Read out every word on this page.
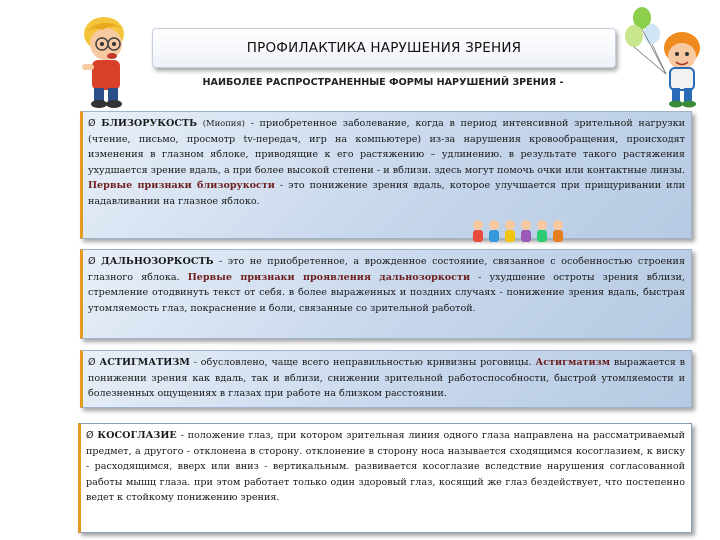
ПРОФИЛАКТИКА НАРУШЕНИЯ ЗРЕНИЯ
НАИБОЛЕЕ РАСПРОСТРАНЕННЫЕ ФОРМЫ НАРУШЕНИЙ ЗРЕНИЯ -
Ø БЛИЗОРУКОСТЬ (Миопия) - приобретенное заболевание, когда в период интенсивной зрительной нагрузки (чтение, письмо, просмотр tv-передач, игр на компьютере) из-за нарушения кровообращения, происходят изменения в глазном яблоке, приводящие к его растяжению – удлинению. в результате такого растяжения ухудшается зрение вдаль, а при более высокой степени - и вблизи. здесь могут помочь очки или контактные линзы. Первые признаки близорукости - это понижение зрения вдаль, которое улучшается при прищуривании или надавливании на глазное яблоко.
Ø ДАЛЬНОЗОРКОСТЬ - это не приобретенное, а врожденное состояние, связанное с особенностью строения глазного яблока. Первые признаки проявления дальнозоркости - ухудшение остроты зрения вблизи, стремление отодвинуть текст от себя. в более выраженных и поздних случаях - понижение зрения вдаль, быстрая утомляемость глаз, покраснение и боли, связанные со зрительной работой.
Ø АСТИГМАТИЗМ - обусловлено, чаще всего неправильностью кривизны роговицы. Астигматизм выражается в понижении зрения как вдаль, так и вблизи, снижении зрительной работоспособности, быстрой утомляемости и болезненных ощущениях в глазах при работе на близком расстоянии.
Ø КОСОГЛАЗИЕ - положение глаз, при котором зрительная линия одного глаза направлена на рассматриваемый предмет, а другого - отклонена в сторону. отклонение в сторону носа называется сходящимся косоглазием, к виску - расходящимся, вверх или вниз - вертикальным. развивается косоглазие вследствие нарушения согласованной работы мышц глаза. при этом работает только один здоровый глаз, косящий же глаз бездействует, что постепенно ведет к стойкому понижению зрения.
